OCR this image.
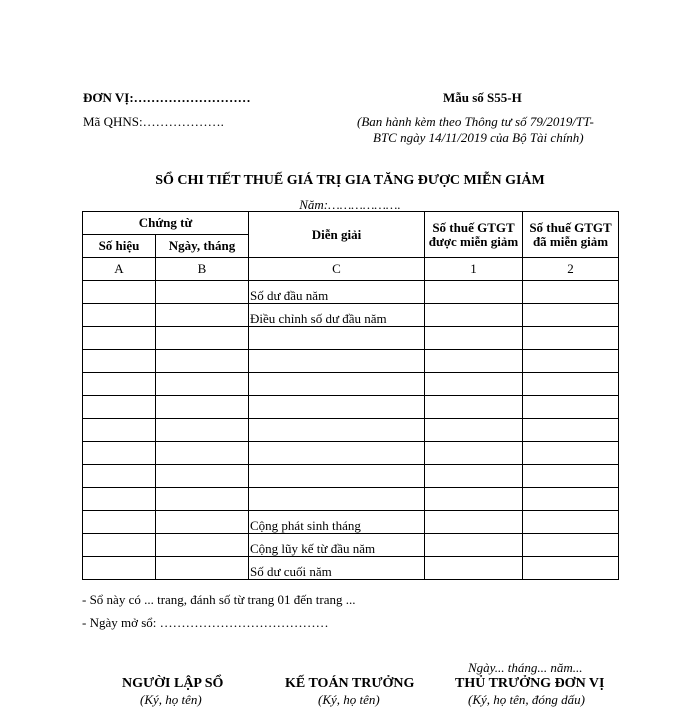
ĐƠN VỊ:………………………
Mã QHNS:……………….
Mẫu số S55-H
(Ban hành kèm theo Thông tư số 79/2019/TT-
BTC ngày 14/11/2019 của Bộ Tài chính)
SỔ CHI TIẾT THUẾ GIÁ TRỊ GIA TĂNG ĐƯỢC MIỄN GIẢM
Năm:……………….
Chứng từ		Diễn giải	Số thuế GTGT được miễn giảm	Số thuế GTGT đã miễn giảm
Số hiệu	Ngày, tháng			
A	B	C	1	2
		Số dư đầu năm		
		Điều chỉnh số dư đầu năm		

		Cộng phát sinh tháng		
		Cộng lũy kế từ đầu năm		
		Số dư cuối năm		
- Sổ này có ... trang, đánh số từ trang 01 đến trang ...
- Ngày mở sổ: …………………………………
Ngày... tháng... năm...
NGƯỜI LẬP SỔ	KẾ TOÁN TRƯỞNG	THỦ TRƯỞNG ĐƠN VỊ
(Ký, họ tên)	(Ký, họ tên)	(Ký, họ tên, đóng dấu)
